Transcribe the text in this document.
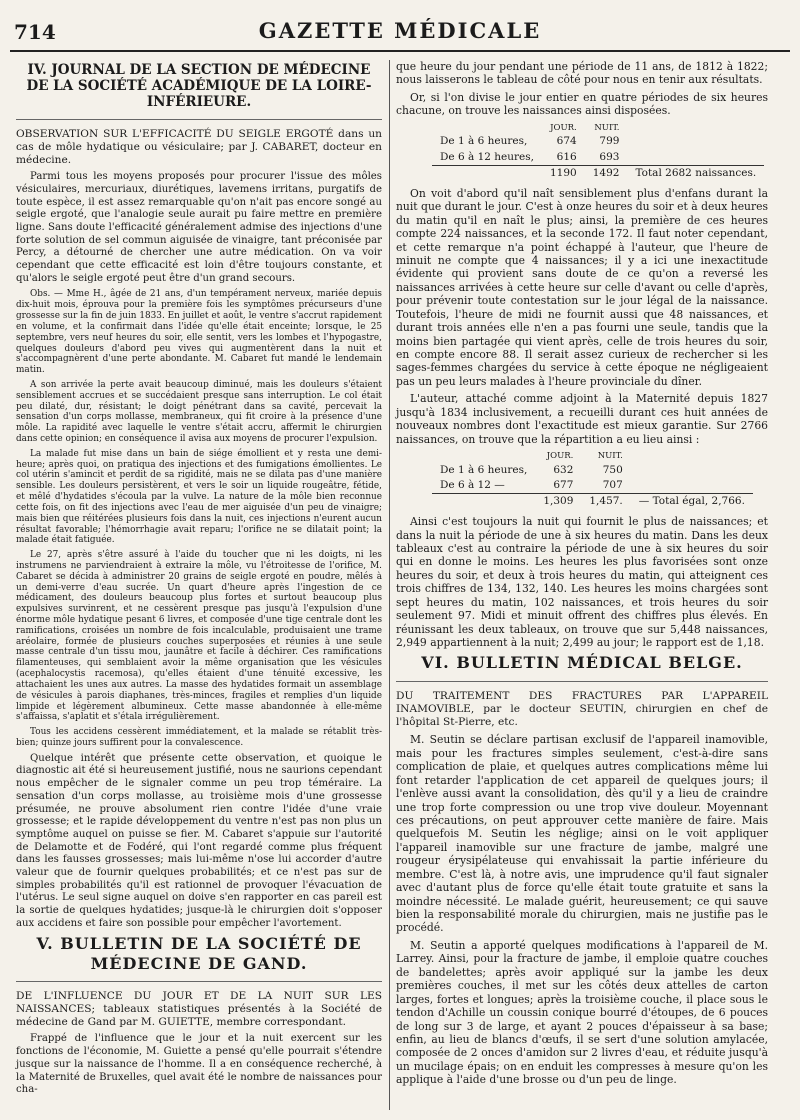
714	GAZETTE MÉDICALE
IV. JOURNAL DE LA SECTION DE MÉDECINE DE LA SOCIÉTÉ ACADÉMIQUE DE LA LOIRE-INFÉRIEURE.

OBSERVATION SUR L'EFFICACITÉ DU SEIGLE ERGOTÉ dans un cas de môle hydatique ou vésiculaire; par J. CABARET, docteur en médecine.

Parmi tous les moyens proposés pour procurer l'issue des môles vésiculaires, mercuriaux, diurétiques, lavemens irritans, purgatifs de toute espèce, il est assez remarquable qu'on n'ait pas encore songé au seigle ergoté, que l'analogie seule aurait pu faire mettre en première ligne. Sans doute l'efficacité généralement admise des injections d'une forte solution de sel commun aiguisée de vinaigre, tant préconisée par Percy, a détourné de chercher une autre médication. On va voir cependant que cette efficacité est loin d'être toujours constante, et qu'alors le seigle ergoté peut être d'un grand secours.

Obs. — Mme H., âgée de 21 ans, d'un tempérament nerveux, mariée depuis dix-huit mois, éprouva pour la première fois les symptômes précurseurs d'une grossesse sur la fin de juin 1833. En juillet et août, le ventre s'accrut rapidement en volume, et la confirmait dans l'idée qu'elle était enceinte; lorsque, le 25 septembre, vers neuf heures du soir, elle sentit, vers les lombes et l'hypogastre, quelques douleurs d'abord peu vives qui augmentèrent dans la nuit et s'accompagnèrent d'une perte abondante. M. Cabaret fut mandé le lendemain matin.

A son arrivée la perte avait beaucoup diminué, mais les douleurs s'étaient sensiblement accrues et se succédaient presque sans interruption. Le col était peu dilaté, dur, résistant; le doigt pénétrant dans sa cavité, percevait la sensation d'un corps mollasse, membraneux, qui fit croire à la présence d'une môle. La rapidité avec laquelle le ventre s'était accru, affermit le chirurgien dans cette opinion; en conséquence il avisa aux moyens de procurer l'expulsion.

La malade fut mise dans un bain de siége émollient et y resta une demi-heure; après quoi, on pratiqua des injections et des fumigations émollientes. Le col utérin s'amincit et perdit de sa rigidité, mais ne se dilata pas d'une manière sensible. Les douleurs persistèrent, et vers le soir un liquide rougeâtre, fétide, et mêlé d'hydatides s'écoula par la vulve. La nature de la môle bien reconnue cette fois, on fit des injections avec l'eau de mer aiguisée d'un peu de vinaigre; mais bien que réitérées plusieurs fois dans la nuit, ces injections n'eurent aucun résultat favorable; l'hémorrhagie avait reparu; l'orifice ne se dilatait point; la malade était fatiguée.

Le 27, après s'être assuré à l'aide du toucher que ni les doigts, ni les instrumens ne parviendraient à extraire la môle, vu l'étroitesse de l'orifice, M. Cabaret se décida à administrer 20 grains de seigle ergoté en poudre, mêlés à un demi-verre d'eau sucrée. Un quart d'heure après l'ingestion de ce médicament, des douleurs beaucoup plus fortes et surtout beaucoup plus expulsives survinrent, et ne cessèrent presque pas jusqu'à l'expulsion d'une énorme môle hydatique pesant 6 livres, et composée d'une tige centrale dont les ramifications, croisées un nombre de fois incalculable, produisaient une trame aréolaire, formée de plusieurs couches superposées et réunies à une seule masse centrale d'un tissu mou, jaunâtre et facile à déchirer. Ces ramifications filamenteuses, qui semblaient avoir la même organisation que les vésicules (acephalocystis racemosa), qu'elles étaient d'une ténuité excessive, les attachaient les unes aux autres. La masse des hydatides formait un assemblage de vésicules à parois diaphanes, très-minces, fragiles et remplies d'un liquide limpide et légèrement albumineux. Cette masse abandonnée à elle-même s'affaissa, s'aplatit et s'étala irrégulièrement.

Tous les accidens cessèrent immédiatement, et la malade se rétablit très-bien; quinze jours suffirent pour la convalescence.

Quelque intérêt que présente cette observation, et quoique le diagnostic ait été si heureusement justifié, nous ne saurions cependant nous empêcher de le signaler comme un peu trop téméraire. La sensation d'un corps mollasse, au troisième mois d'une grossesse présumée, ne prouve absolument rien contre l'idée d'une vraie grossesse; et le rapide développement du ventre n'est pas non plus un symptôme auquel on puisse se fier. M. Cabaret s'appuie sur l'autorité de Delamotte et de Fodéré, qui l'ont regardé comme plus fréquent dans les fausses grossesses; mais lui-même n'ose lui accorder d'autre valeur que de fournir quelques probabilités; et ce n'est pas sur de simples probabilités qu'il est rationnel de provoquer l'évacuation de l'utérus. Le seul signe auquel on doive s'en rapporter en cas pareil est la sortie de quelques hydatides; jusque-là le chirurgien doit s'opposer aux accidens et faire son possible pour empêcher l'avortement.

V. BULLETIN DE LA SOCIÉTÉ DE MÉDECINE DE GAND.

DE L'INFLUENCE DU JOUR ET DE LA NUIT SUR LES NAISSANCES; tableaux statistiques présentés à la Société de médecine de Gand par M. GUIETTE, membre correspondant.

Frappé de l'influence que le jour et la nuit exercent sur les fonctions de l'économie, M. Guiette a pensé qu'elle pourrait s'étendre jusque sur la naissance de l'homme. Il a en conséquence recherché, à la Maternité de Bruxelles, quel avait été le nombre de naissances pour cha-

que heure du jour pendant une période de 11 ans, de 1812 à 1822; nous laisserons le tableau de côté pour nous en tenir aux résultats.

Or, si l'on divise le jour entier en quatre périodes de six heures chacune, on trouve les naissances ainsi disposées.

	JOUR.	NUIT.	
De 1 à 6 heures,	674	799	
De 6 à 12 heures,	616	693	
	1190	1492	Total 2682 naissances.

On voit d'abord qu'il naît sensiblement plus d'enfans durant la nuit que durant le jour. C'est à onze heures du soir et à deux heures du matin qu'il en naît le plus; ainsi, la première de ces heures compte 224 naissances, et la seconde 172. Il faut noter cependant, et cette remarque n'a point échappé à l'auteur, que l'heure de minuit ne compte que 4 naissances; il y a ici une inexactitude évidente qui provient sans doute de ce qu'on a reversé les naissances arrivées à cette heure sur celle d'avant ou celle d'après, pour prévenir toute contestation sur le jour légal de la naissance. Toutefois, l'heure de midi ne fournit aussi que 48 naissances, et durant trois années elle n'en a pas fourni une seule, tandis que la moins bien partagée qui vient après, celle de trois heures du soir, en compte encore 88. Il serait assez curieux de rechercher si les sages-femmes chargées du service à cette époque ne négligeaient pas un peu leurs malades à l'heure provinciale du dîner.

L'auteur, attaché comme adjoint à la Maternité depuis 1827 jusqu'à 1834 inclusivement, a recueilli durant ces huit années de nouveaux nombres dont l'exactitude est mieux garantie. Sur 2766 naissances, on trouve que la répartition a eu lieu ainsi :

	JOUR.	NUIT.	
De 1 à 6 heures,	632	750	
De 6 à 12 —	677	707	
	1,309	1,457.	— Total égal, 2,766.

Ainsi c'est toujours la nuit qui fournit le plus de naissances; et dans la nuit la période de une à six heures du matin. Dans les deux tableaux c'est au contraire la période de une à six heures du soir qui en donne le moins. Les heures les plus favorisées sont onze heures du soir, et deux à trois heures du matin, qui atteignent ces trois chiffres de 134, 132, 140. Les heures les moins chargées sont sept heures du matin, 102 naissances, et trois heures du soir seulement 97. Midi et minuit offrent des chiffres plus élevés. En réunissant les deux tableaux, on trouve que sur 5,448 naissances, 2,949 appartiennent à la nuit; 2,499 au jour; le rapport est de 1,18.

VI. BULLETIN MÉDICAL BELGE.

DU TRAITEMENT DES FRACTURES PAR L'APPAREIL INAMOVIBLE, par le docteur SEUTIN, chirurgien en chef de l'hôpital St-Pierre, etc.

M. Seutin se déclare partisan exclusif de l'appareil inamovible, mais pour les fractures simples seulement, c'est-à-dire sans complication de plaie, et quelques autres complications même lui font retarder l'application de cet appareil de quelques jours; il l'enlève aussi avant la consolidation, dès qu'il y a lieu de craindre une trop forte compression ou une trop vive douleur. Moyennant ces précautions, on peut approuver cette manière de faire. Mais quelquefois M. Seutin les néglige; ainsi on le voit appliquer l'appareil inamovible sur une fracture de jambe, malgré une rougeur érysipélateuse qui envahissait la partie inférieure du membre. C'est là, à notre avis, une imprudence qu'il faut signaler avec d'autant plus de force qu'elle était toute gratuite et sans la moindre nécessité. Le malade guérit, heureusement; ce qui sauve bien la responsabilité morale du chirurgien, mais ne justifie pas le procédé.

M. Seutin a apporté quelques modifications à l'appareil de M. Larrey. Ainsi, pour la fracture de jambe, il emploie quatre couches de bandelettes; après avoir appliqué sur la jambe les deux premières couches, il met sur les côtés deux attelles de carton larges, fortes et longues; après la troisième couche, il place sous le tendon d'Achille un coussin conique bourré d'étoupes, de 6 pouces de long sur 3 de large, et ayant 2 pouces d'épaisseur à sa base; enfin, au lieu de blancs d'œufs, il se sert d'une solution amylacée, composée de 2 onces d'amidon sur 2 livres d'eau, et réduite jusqu'à un mucilage épais; on en enduit les compresses à mesure qu'on les applique à l'aide d'une brosse ou d'un peu de linge.
